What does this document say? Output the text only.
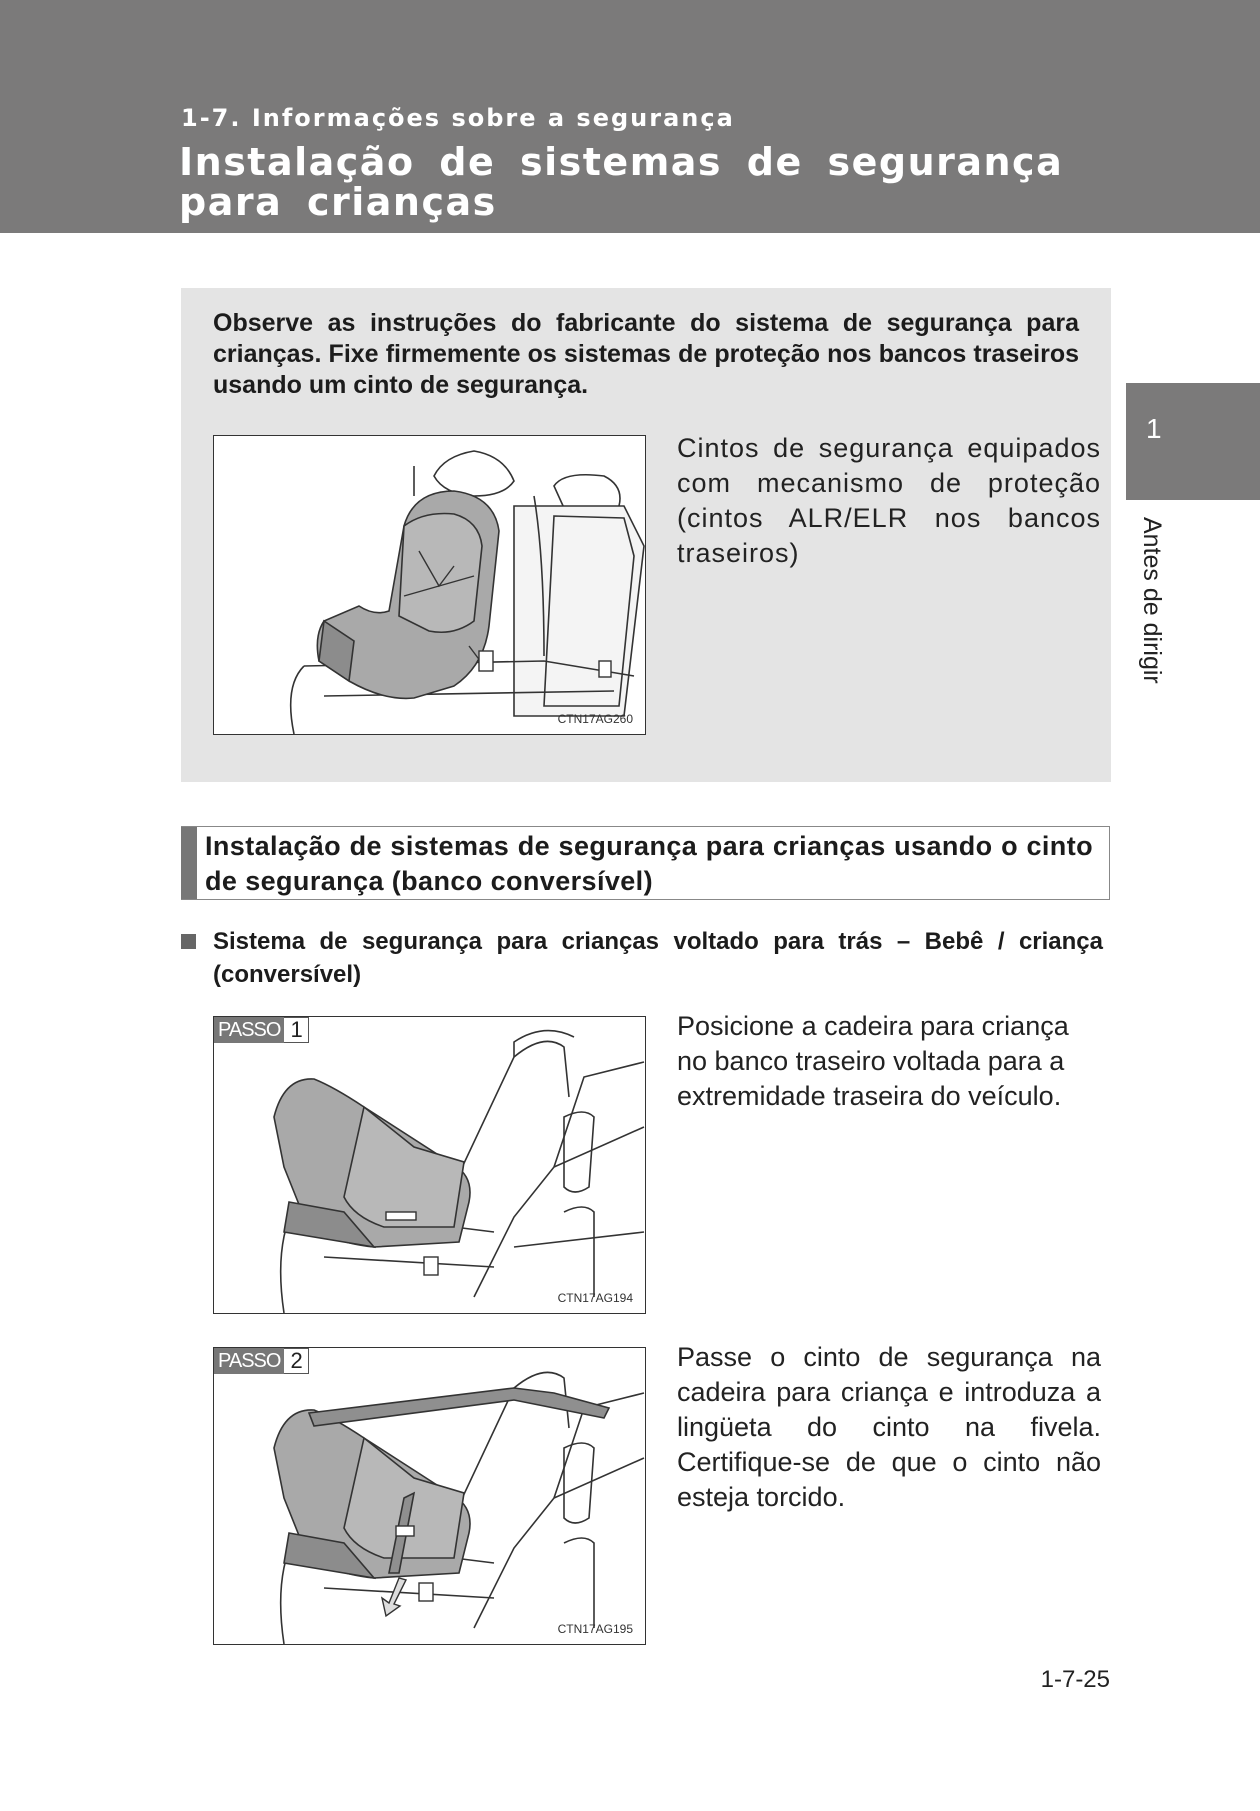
1-7. Informações sobre a segurança
Instalação de sistemas de segurança para crianças
1
Antes de dirigir
Observe as instruções do fabricante do sistema de segurança para crianças. Fixe firmemente os sistemas de proteção nos bancos traseiros usando um cinto de segurança.
CTN17AG260
Cintos de segurança equipados com mecanismo de proteção (cintos ALR/ELR nos bancos traseiros)
Instalação de sistemas de segurança para crianças usando o cinto de segurança (banco conversível)
Sistema de segurança para crianças voltado para trás – Bebê / criança (conversível)
PASSO 1
CTN17AG194
Posicione a cadeira para criança no banco traseiro voltada para a extremidade traseira do veículo.
PASSO 2
CTN17AG195
Passe o cinto de segurança na cadeira para criança e introduza a lingüeta do cinto na fivela. Certifique-se de que o cinto não esteja torcido.
1-7-25
